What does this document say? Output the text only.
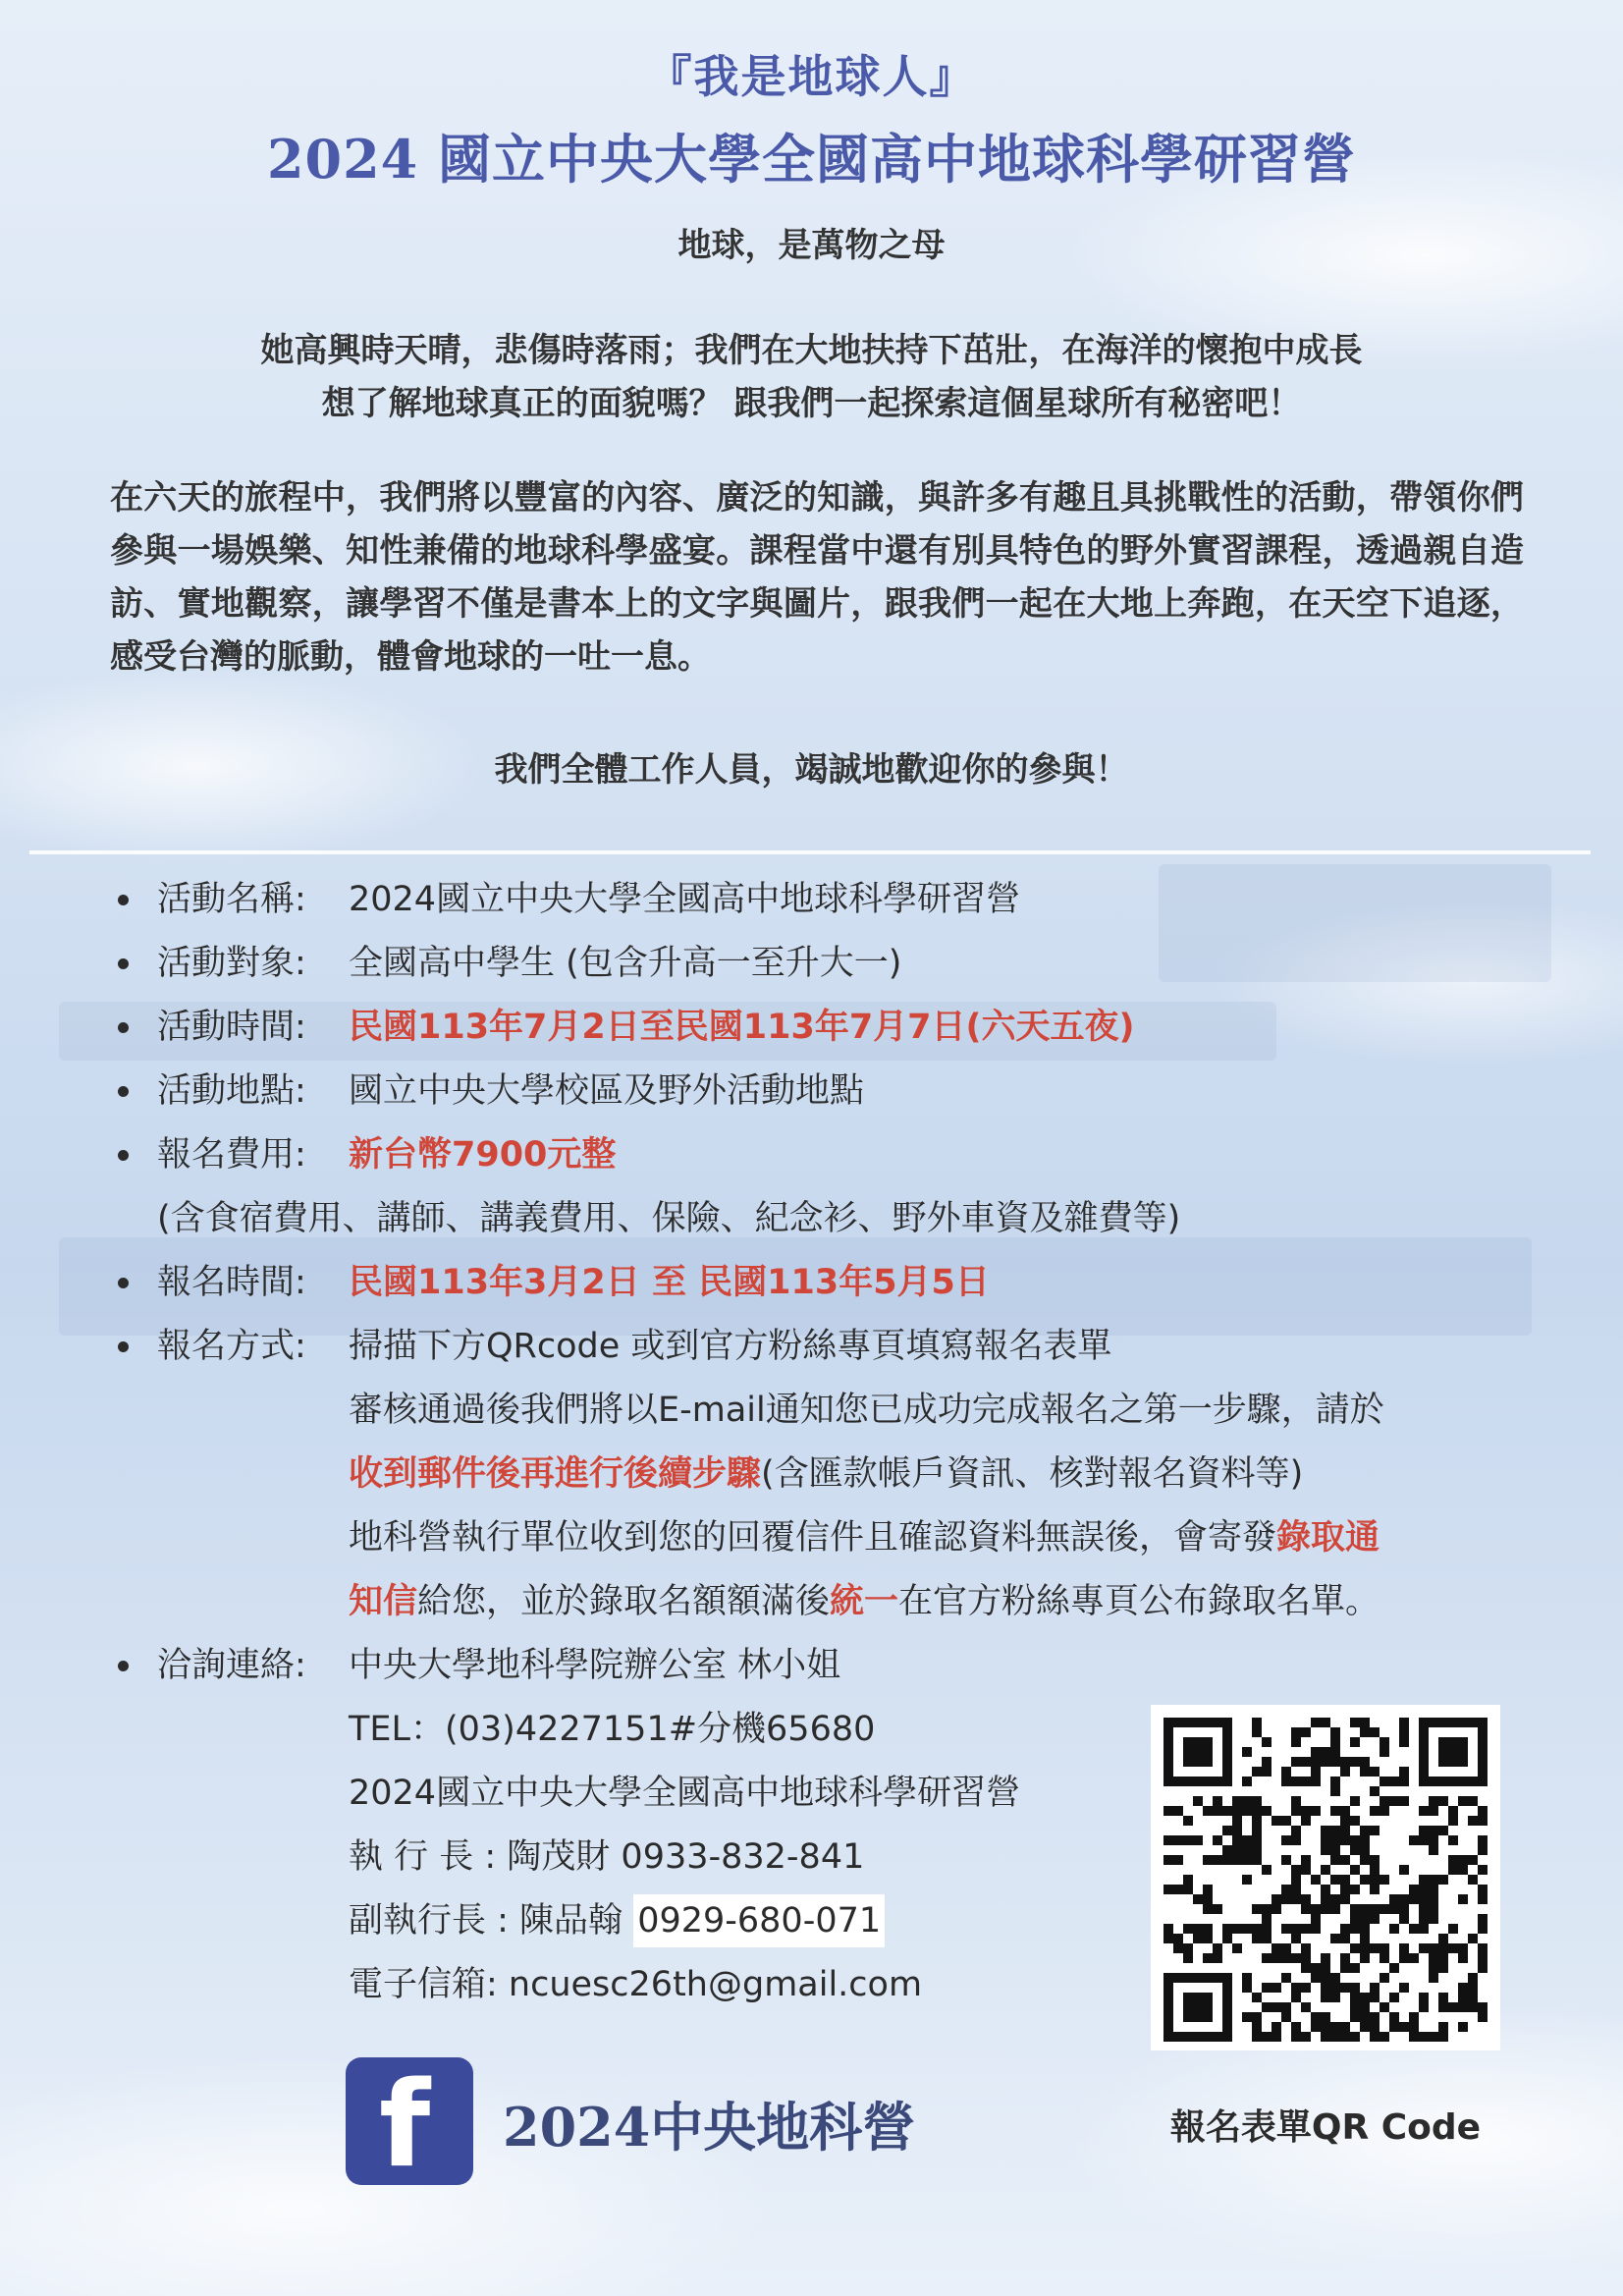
『我是地球人』
2024 國立中央大學全國高中地球科學研習營
地球，是萬物之母
她高興時天晴，悲傷時落雨；我們在大地扶持下茁壯，在海洋的懷抱中成長
想了解地球真正的面貌嗎？ 跟我們一起探索這個星球所有秘密吧！
在六天的旅程中，我們將以豐富的內容、廣泛的知識，與許多有趣且具挑戰性的活動，帶領你們參與一場娛樂、知性兼備的地球科學盛宴。課程當中還有別具特色的野外實習課程，透過親自造訪、實地觀察，讓學習不僅是書本上的文字與圖片，跟我們一起在大地上奔跑，在天空下追逐，感受台灣的脈動，體會地球的一吐一息。
我們全體工作人員，竭誠地歡迎你的參與！
活動名稱: 2024國立中央大學全國高中地球科學研習營
活動對象: 全國高中學生 (包含升高一至升大一)
活動時間: 民國113年7月2日至民國113年7月7日(六天五夜)
活動地點: 國立中央大學校區及野外活動地點
報名費用: 新台幣7900元整
(含食宿費用、講師、講義費用、保險、紀念衫、野外車資及雜費等)
報名時間: 民國113年3月2日 至 民國113年5月5日
報名方式: 掃描下方QRcode 或到官方粉絲專頁填寫報名表單
審核通過後我們將以E-mail通知您已成功完成報名之第一步驟，請於
收到郵件後再進行後續步驟(含匯款帳戶資訊、核對報名資料等)
地科營執行單位收到您的回覆信件且確認資料無誤後，會寄發錄取通
知信給您，並於錄取名額額滿後統一在官方粉絲專頁公布錄取名單。
洽詢連絡: 中央大學地科學院辦公室 林小姐
TEL：(03)4227151#分機65680
2024國立中央大學全國高中地球科學研習營
執 行 長 : 陶茂財 0933-832-841
副執行長 : 陳品翰 0929-680-071
電子信箱: ncuesc26th@gmail.com
報名表單QR Code
f 2024中央地科營
